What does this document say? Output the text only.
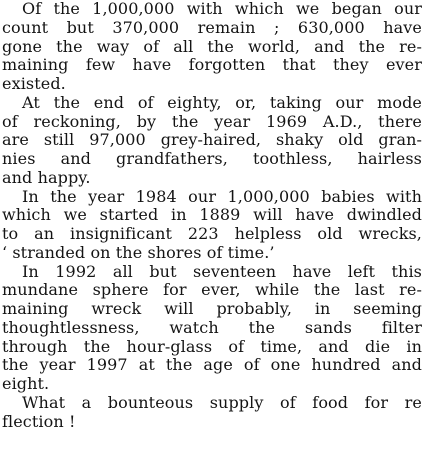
Of the 1,000,000 with which we began our
count but 370,000 remain ; 630,000 have
gone the way of all the world, and the re-
maining few have forgotten that they ever
existed.
At the end of eighty, or, taking our mode
of reckoning, by the year 1969 A.D., there
are still 97,000 grey-haired, shaky old gran-
nies and grandfathers, toothless, hairless
and happy.
In the year 1984 our 1,000,000 babies with
which we started in 1889 will have dwindled
to an insignificant 223 helpless old wrecks,
‘ stranded on the shores of time.’
In 1992 all but seventeen have left this
mundane sphere for ever, while the last re-
maining wreck will probably, in seeming
thoughtlessness, watch the sands filter
through the hour-glass of time, and die in
the year 1997 at the age of one hundred and
eight.
What a bounteous supply of food for re
flection !
